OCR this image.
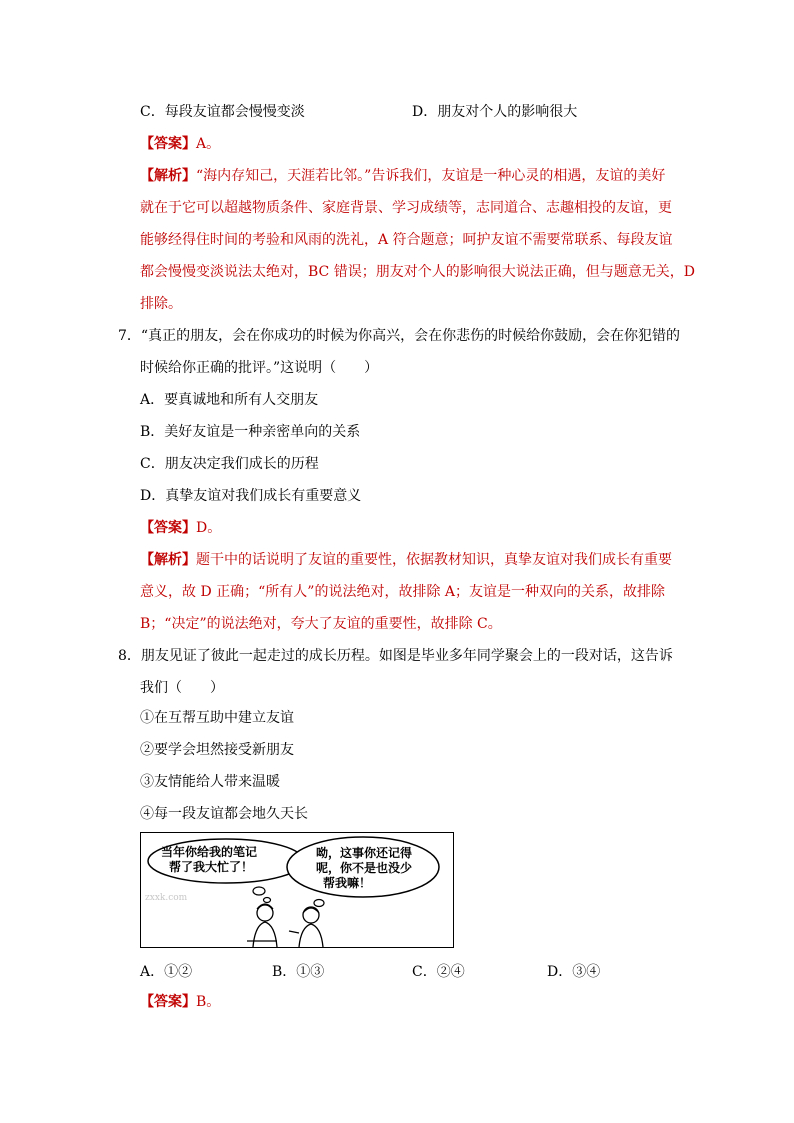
C．每段友谊都会慢慢变淡	D．朋友对个人的影响很大
【答案】A。
【解析】“海内存知己，天涯若比邻。”告诉我们，友谊是一种心灵的相遇，友谊的美好
就在于它可以超越物质条件、家庭背景、学习成绩等，志同道合、志趣相投的友谊，更
能够经得住时间的考验和风雨的洗礼，A 符合题意；呵护友谊不需要常联系、每段友谊
都会慢慢变淡说法太绝对，BC 错误；朋友对个人的影响很大说法正确，但与题意无关，D
排除。
7．“真正的朋友，会在你成功的时候为你高兴，会在你悲伤的时候给你鼓励，会在你犯错的
时候给你正确的批评。”这说明（　　）
A．要真诚地和所有人交朋友
B．美好友谊是一种亲密单向的关系
C．朋友决定我们成长的历程
D．真挚友谊对我们成长有重要意义
【答案】D。
【解析】题干中的话说明了友谊的重要性，依据教材知识，真挚友谊对我们成长有重要
意义，故 D 正确；“所有人”的说法绝对，故排除 A；友谊是一种双向的关系，故排除
B；“决定”的说法绝对，夸大了友谊的重要性，故排除 C。
8．朋友见证了彼此一起走过的成长历程。如图是毕业多年同学聚会上的一段对话，这告诉
我们（　　）
①在互帮互助中建立友谊
②要学会坦然接受新朋友
③友情能给人带来温暖
④每一段友谊都会地久天长
当年你给我的笔记
帮了我大忙了！
呦，这事你还记得
呢，你不是也没少
帮我嘛！
zxxk.com
A．①②	B．①③	C．②④	D．③④
【答案】B。
